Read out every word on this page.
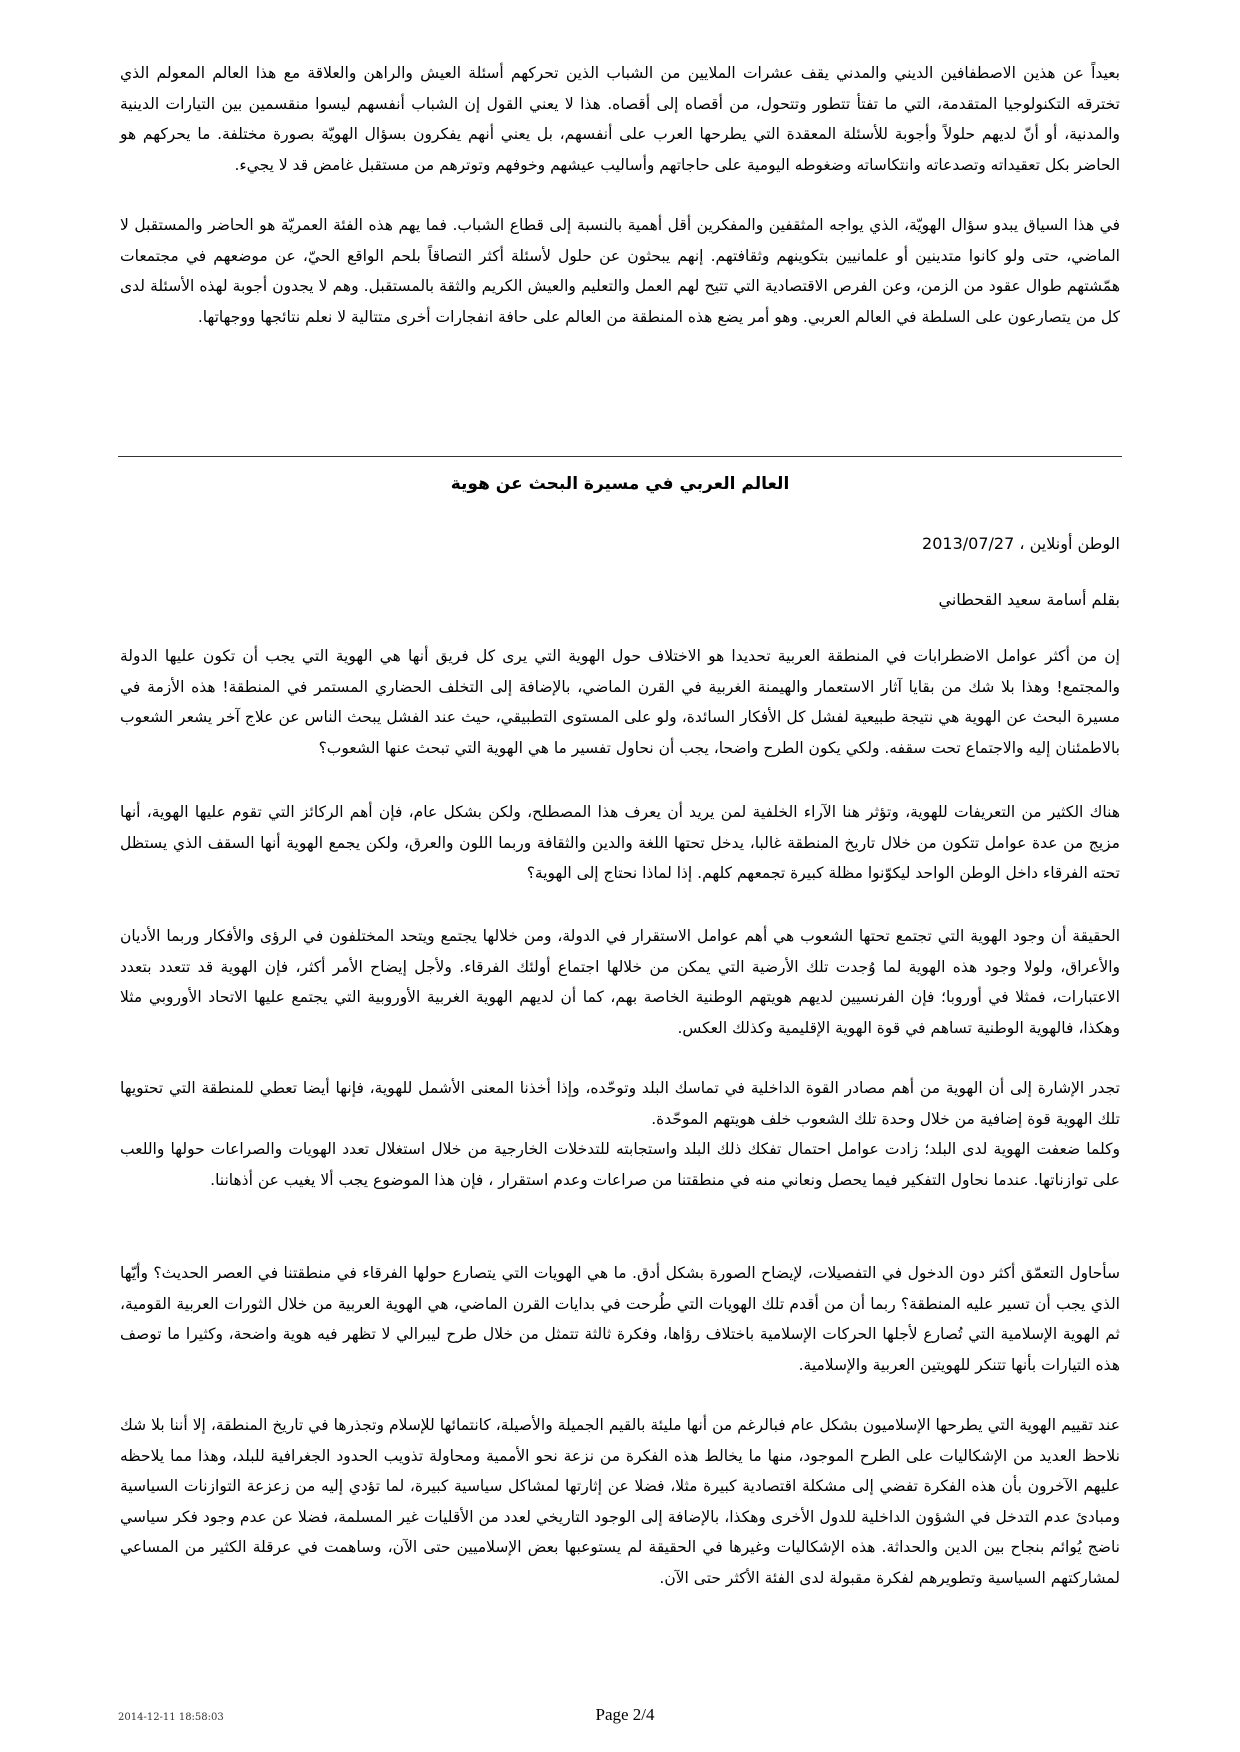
بعيداً عن هذين الاصطفافين الديني والمدني يقف عشرات الملايين من الشباب الذين تحركهم أسئلة العيش والراهن والعلاقة مع هذا العالم المعولم الذي تخترقه التكنولوجيا المتقدمة، التي ما تفتأ تتطور وتتحول، من أقصاه إلى أقصاه. هذا لا يعني القول إن الشباب أنفسهم ليسوا منقسمين بين التيارات الدينية والمدنية، أو أنّ لديهم حلولاً وأجوبة للأسئلة المعقدة التي يطرحها العرب على أنفسهم، بل يعني أنهم يفكرون بسؤال الهويّة بصورة مختلفة. ما يحركهم هو الحاضر بكل تعقيداته وتصدعاته وانتكاساته وضغوطه اليومية على حاجاتهم وأساليب عيشهم وخوفهم وتوترهم من مستقبل غامض قد لا يجيء.

في هذا السياق يبدو سؤال الهويّة، الذي يواجه المثقفين والمفكرين أقل أهمية بالنسبة إلى قطاع الشباب. فما يهم هذه الفئة العمريّة هو الحاضر والمستقبل لا الماضي، حتى ولو كانوا متدينين أو علمانيين بتكوينهم وثقافتهم. إنهم يبحثون عن حلول لأسئلة أكثر التصاقاً بلحم الواقع الحيّ، عن موضعهم في مجتمعات همّشتهم طوال عقود من الزمن، وعن الفرص الاقتصادية التي تتيح لهم العمل والتعليم والعيش الكريم والثقة بالمستقبل. وهم لا يجدون أجوبة لهذه الأسئلة لدى كل من يتصارعون على السلطة في العالم العربي. وهو أمر يضع هذه المنطقة من العالم على حافة انفجارات أخرى متتالية لا نعلم نتائجها ووجهاتها.

العالم العربي في مسيرة البحث عن هوية

الوطن أونلاين ، 2013/07/27

بقلم أسامة سعيد القحطاني

إن من أكثر عوامل الاضطرابات في المنطقة العربية تحديدا هو الاختلاف حول الهوية التي يرى كل فريق أنها هي الهوية التي يجب أن تكون عليها الدولة والمجتمع! وهذا بلا شك من بقايا آثار الاستعمار والهيمنة الغربية في القرن الماضي، بالإضافة إلى التخلف الحضاري المستمر في المنطقة! هذه الأزمة في مسيرة البحث عن الهوية هي نتيجة طبيعية لفشل كل الأفكار السائدة، ولو على المستوى التطبيقي، حيث عند الفشل يبحث الناس عن علاج آخر يشعر الشعوب بالاطمئنان إليه والاجتماع تحت سقفه. ولكي يكون الطرح واضحا، يجب أن نحاول تفسير ما هي الهوية التي تبحث عنها الشعوب؟

هناك الكثير من التعريفات للهوية، وتؤثر هنا الآراء الخلفية لمن يريد أن يعرف هذا المصطلح، ولكن بشكل عام، فإن أهم الركائز التي تقوم عليها الهوية، أنها مزيج من عدة عوامل تتكون من خلال تاريخ المنطقة غالبا، يدخل تحتها اللغة والدين والثقافة وربما اللون والعرق، ولكن يجمع الهوية أنها السقف الذي يستظل تحته الفرقاء داخل الوطن الواحد ليكوّنوا مظلة كبيرة تجمعهم كلهم. إذا لماذا نحتاج إلى الهوية؟

الحقيقة أن وجود الهوية التي تجتمع تحتها الشعوب هي أهم عوامل الاستقرار في الدولة، ومن خلالها يجتمع ويتحد المختلفون في الرؤى والأفكار وربما الأديان والأعراق، ولولا وجود هذه الهوية لما وُجدت تلك الأرضية التي يمكن من خلالها اجتماع أولئك الفرقاء. ولأجل إيضاح الأمر أكثر، فإن الهوية قد تتعدد بتعدد الاعتبارات، فمثلا في أوروبا؛ فإن الفرنسيين لديهم هويتهم الوطنية الخاصة بهم، كما أن لديهم الهوية الغربية الأوروبية التي يجتمع عليها الاتحاد الأوروبي مثلا وهكذا، فالهوية الوطنية تساهم في قوة الهوية الإقليمية وكذلك العكس.

تجدر الإشارة إلى أن الهوية من أهم مصادر القوة الداخلية في تماسك البلد وتوحّده، وإذا أخذنا المعنى الأشمل للهوية، فإنها أيضا تعطي للمنطقة التي تحتويها تلك الهوية قوة إضافية من خلال وحدة تلك الشعوب خلف هويتهم الموحّدة.

وكلما ضعفت الهوية لدى البلد؛ زادت عوامل احتمال تفكك ذلك البلد واستجابته للتدخلات الخارجية من خلال استغلال تعدد الهويات والصراعات حولها واللعب على توازناتها. عندما نحاول التفكير فيما يحصل ونعاني منه في منطقتنا من صراعات وعدم استقرار ، فإن هذا الموضوع يجب ألا يغيب عن أذهاننا.

سأحاول التعمّق أكثر دون الدخول في التفصيلات، لإيضاح الصورة بشكل أدق. ما هي الهويات التي يتصارع حولها الفرقاء في منطقتنا في العصر الحديث؟ وأيّها الذي يجب أن تسير عليه المنطقة؟ ربما أن من أقدم تلك الهويات التي طُرحت في بدايات القرن الماضي، هي الهوية العربية من خلال الثورات العربية القومية، ثم الهوية الإسلامية التي تُصارع لأجلها الحركات الإسلامية باختلاف رؤاها، وفكرة ثالثة تتمثل من خلال طرح ليبرالي لا تظهر فيه هوية واضحة، وكثيرا ما توصف هذه التيارات بأنها تتنكر للهويتين العربية والإسلامية.

عند تقييم الهوية التي يطرحها الإسلاميون بشكل عام فبالرغم من أنها مليئة بالقيم الجميلة والأصيلة، كانتمائها للإسلام وتجذرها في تاريخ المنطقة، إلا أننا بلا شك نلاحظ العديد من الإشكاليات على الطرح الموجود، منها ما يخالط هذه الفكرة من نزعة نحو الأممية ومحاولة تذويب الحدود الجغرافية للبلد، وهذا مما يلاحظه عليهم الآخرون بأن هذه الفكرة تفضي إلى مشكلة اقتصادية كبيرة مثلا، فضلا عن إثارتها لمشاكل سياسية كبيرة، لما تؤدي إليه من زعزعة التوازنات السياسية ومبادئ عدم التدخل في الشؤون الداخلية للدول الأخرى وهكذا، بالإضافة إلى الوجود التاريخي لعدد من الأقليات غير المسلمة، فضلا عن عدم وجود فكر سياسي ناضج يُوائم بنجاح بين الدين والحداثة. هذه الإشكاليات وغيرها في الحقيقة لم يستوعبها بعض الإسلاميين حتى الآن، وساهمت في عرقلة الكثير من المساعي لمشاركتهم السياسية وتطويرهم لفكرة مقبولة لدى الفئة الأكثر حتى الآن.

2014-12-11 18:58:03	Page 2/4
